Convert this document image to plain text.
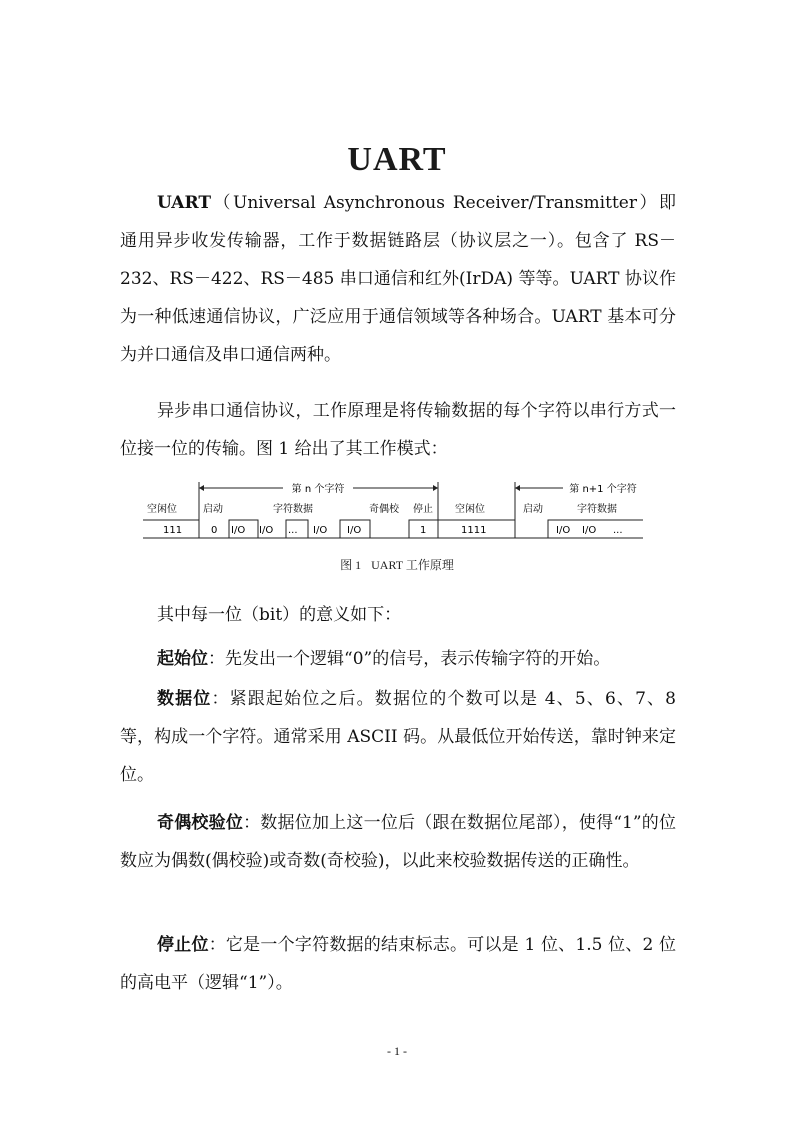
UART

UART（Universal Asynchronous Receiver/Transmitter）即通用异步收发传输器，工作于数据链路层（协议层之一）。包含了 RS－232、RS－422、RS－485 串口通信和红外(IrDA) 等等。UART 协议作为一种低速通信协议，广泛应用于通信领域等各种场合。UART 基本可分为并口通信及串口通信两种。

异步串口通信协议，工作原理是将传输数据的每个字符以串行方式一位接一位的传输。图 1 给出了其工作模式：

第 n 个字符	第 n+1 个字符
空闲位	启动	字符数据	奇偶校 停止 空闲位	启动	字符数据
111	0 I/O I/O ... I/O I/O	1	1111	I/O I/O ...
图 1 UART 工作原理

其中每一位（bit）的意义如下：

起始位：先发出一个逻辑“0”的信号，表示传输字符的开始。

数据位：紧跟起始位之后。数据位的个数可以是 4、5、6、7、8 等，构成一个字符。通常采用 ASCII 码。从最低位开始传送，靠时钟来定位。

奇偶校验位：数据位加上这一位后（跟在数据位尾部），使得“1”的位数应为偶数(偶校验)或奇数(奇校验)，以此来校验数据传送的正确性。

停止位：它是一个字符数据的结束标志。可以是 1 位、1.5 位、2 位的高电平（逻辑“1”）。

- 1 -
